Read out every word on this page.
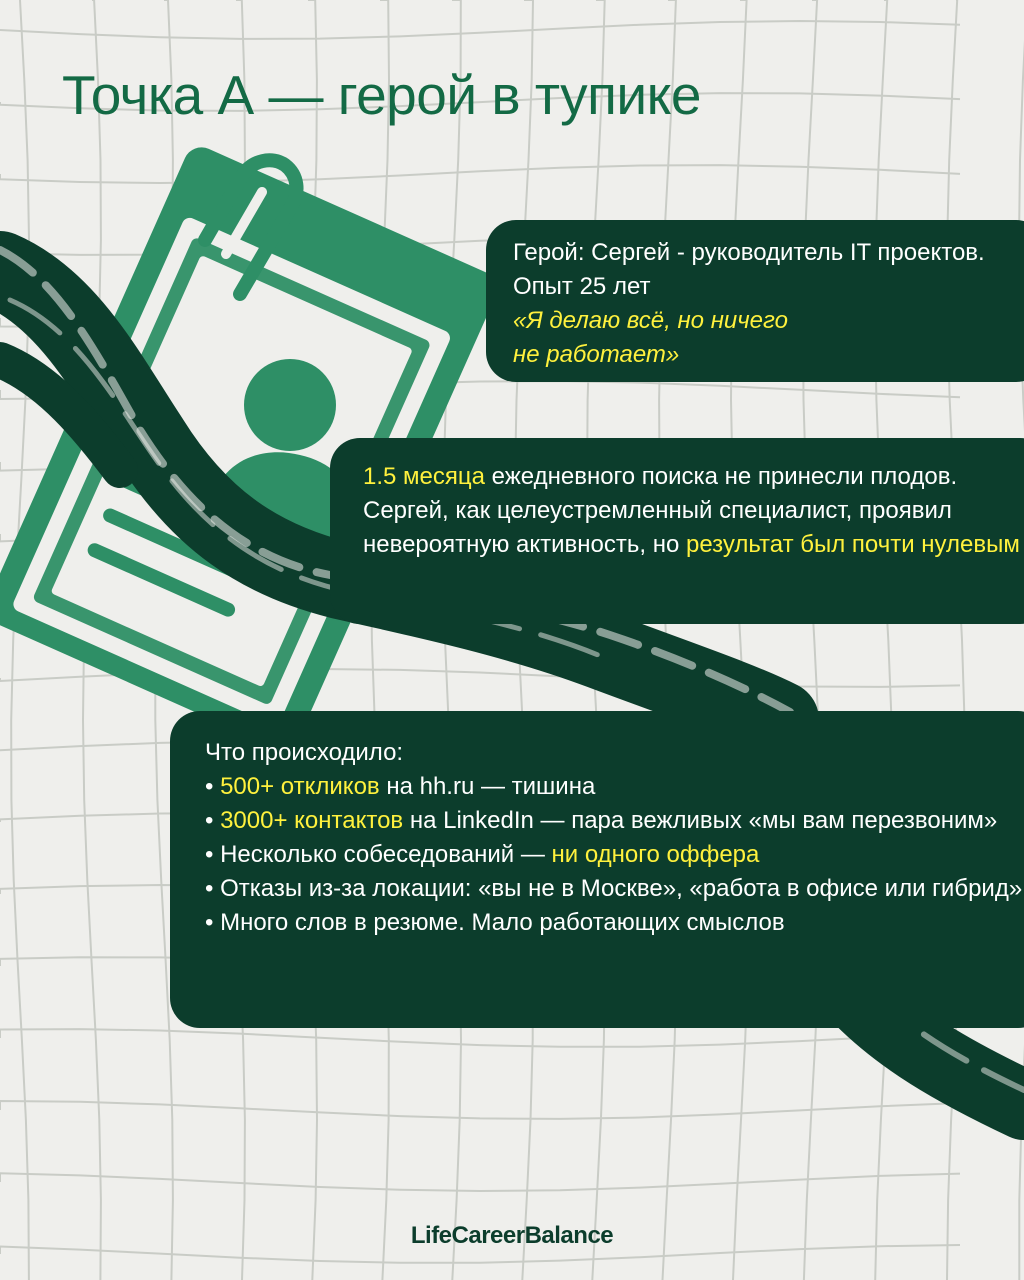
Точка А — герой в тупике
Герой: Сергей - руководитель IT проектов. Опыт 25 лет
«Я делаю всё, но ничего
не работает»
1.5 месяца ежедневного поиска не принесли плодов. Сергей, как целеустремленный специалист, проявил невероятную активность, но результат был почти нулевым
Что происходило:
• 500+ откликов на hh.ru — тишина
• 3000+ контактов на LinkedIn — пара вежливых «мы вам перезвоним»
• Несколько собеседований — ни одного оффера
• Отказы из-за локации: «вы не в Москве», «работа в офисе или гибрид»
• Много слов в резюме. Мало работающих смыслов
LifeCareerBalance
